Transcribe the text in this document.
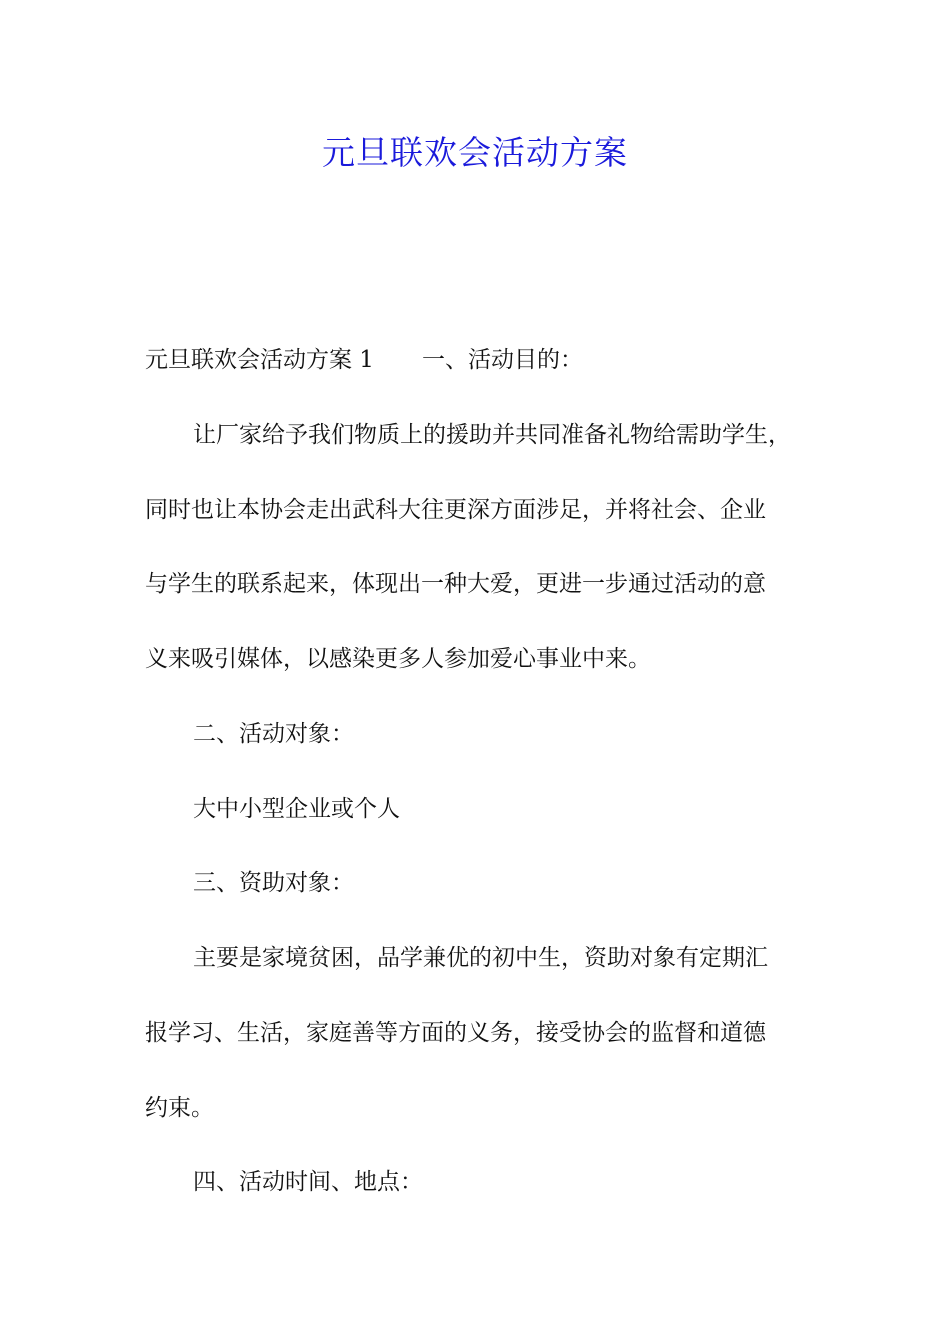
元旦联欢会活动方案

元旦联欢会活动方案 1 一、活动目的：

让厂家给予我们物质上的援助并共同准备礼物给需助学生，

同时也让本协会走出武科大往更深方面涉足，并将社会、企业

与学生的联系起来，体现出一种大爱，更进一步通过活动的意

义来吸引媒体，以感染更多人参加爱心事业中来。

二、活动对象：

大中小型企业或个人

三、资助对象：

主要是家境贫困，品学兼优的初中生，资助对象有定期汇

报学习、生活，家庭善等方面的义务，接受协会的监督和道德

约束。

四、活动时间、地点：
